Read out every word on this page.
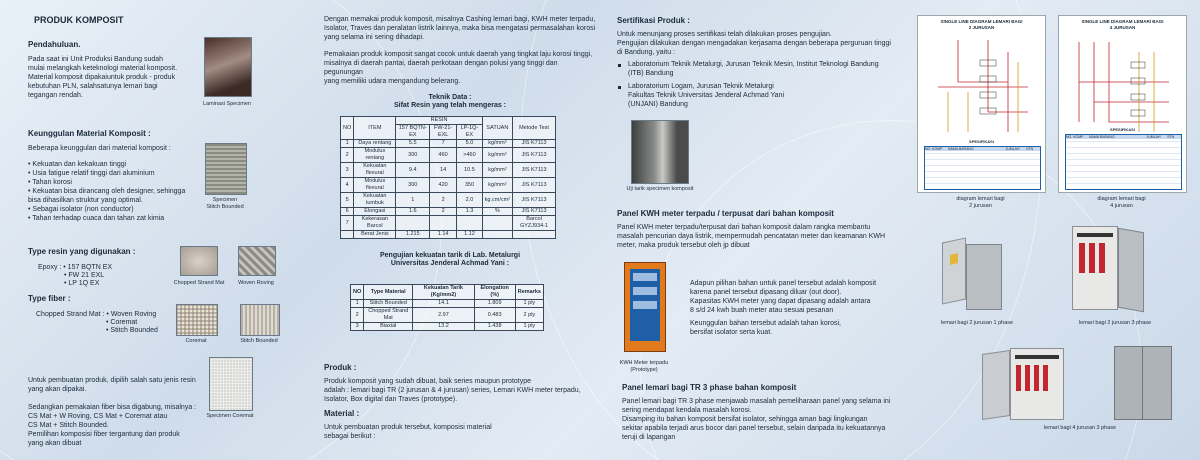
PRODUK KOMPOSIT
Pendahuluan.
Pada saat ini Unit Produksi Bandung sudah
mulai melangkah keteknologi material komposit.
Material komposit dipakaiuntuk produk - produk
kebutuhan PLN, salahsatunya lemari bagi
tegangan rendah.
Laminasi Specimen
Keunggulan Material Komposit :
Beberapa keunggulan dari material komposit :
• Kekuatan dan kekakuan tinggi
• Usia fatigue relatif tinggi dari aluminium
• Tahan korosi
• Kekuatan bisa dirancang oleh designer, sehingga
bisa dihasilkan struktur yang optimal.
• Sebagai isolator (non conductor)
• Tahan terhadap cuaca dan tahan zat kimia
Specimen
Stitch Bounded
Type resin yang digunakan :
Epoxy : • 157 BQTN EX
• FW 21 EXL
• LP 1Q EX	Chopped Strand Mat	Woven Roving
Type fiber :
Chopped Strand Mat : • Woven Roving
• Coremat
• Stitch Bounded
Coremat	Stitch Bounded
Specimen Coremat
Untuk pembuatan produk, dipilih salah satu jenis resin
yang akan dipakai.

Sedangkan pemakaian fiber bisa digabung, misalnya :
CS Mat + W Roving, CS Mat + Coremat atau
CS Mat + Stitch Bounded.
Pemilihan komposisi fiber tergantung dari produk
yang akan dibuat
Dengan memakai produk komposit, misalnya Cashing lemari bagi, KWH meter terpadu,
Isolator, Traves dan peralatan listrik lainnya, maka bisa mengatasi permasalahan korosi
yang selama ini sering dihadapi.
Pemakaian produk komposit sangat cocok untuk daerah yang tingkat laju korosi tinggi,
misalnya di daerah pantai, daerah perkotaan dengan polusi yang tinggi dan pegunungan
yang memiliki udara mengandung belerang.
Teknik Data :
Sifat Resin yang telah mengeras :
NO	ITEM	RESIN			SATUAN	Metode Test
		157 BQTN-EX	FW-21-EXL	LP-1Q-EX		
1	Daya rentang	5.5	7	5.0	kg/mm²	JIS K7113
2	Modulus rentang	300	460	>460	kg/mm²	JIS K7113
3	Kekuatan flexural	9.4	14	10.5	kg/mm²	JIS K7113
4	Modulus flexural	300	420	350	kg/mm²	JIS K7113
5	Kekuatan tumbuk	1	2	2.0	kg.cm/cm²	JIS K7113
6	Elongasi	1.6	2	1.3	%	JIS K7113
7	Kekerasan Barcol					Barcol GYZJ934-1
	Berat Jenis	1.215	1.14	1.12		
Pengujian kekuatan tarik di Lab. Metalurgi
Universitas Jenderal Achmad Yani :
NO	Type Material	Kekuatan Tarik (Kg/mm2)	Elongation (%)	Remarks
1	Stitch Bounded	14.1	1.809	1 ply
2	Chopped Strand Mat	2.97	0.483	2 ply
3	Biaxial	13.2	1.438	1 ply
Produk :
Produk komposit yang sudah dibuat, baik series maupun prototype
adalah : lemari bagi TR (2 jurusan & 4 jurusan) series, Lemari KWH meter terpadu,
Isolator, Box digital dan Traves (prototype).
Material :
Untuk pembuatan produk tersebut, komposisi material
sebagai berikut :
Sertifikasi Produk :
Untuk menunjang proses sertifikasi telah dilakukan proses pengujian.
Pengujian dilakukan dengan mengadakan kerjasama dengan beberapa perguruan tinggi
di Bandung, yaitu :
Laboratorium Teknik Metalurgi, Jurusan Teknik Mesin, Institut Teknologi Bandung
(ITB) Bandung
Laboratorium Logam, Jurusan Teknik Metalurgi
Fakultas Teknik Universitas Jenderal Achmad Yani
(UNJANI) Bandung
Uji tarik specimen komposit
Panel KWH meter terpadu / terpusat dari bahan komposit
Panel KWH meter terpadu/terpusat dari bahan komposit dalam rangka membantu
masalah pencurian daya listrik, mempermudah pencatatan meter dan keamanan KWH
meter, maka produk tersebut oleh jp dibuat
KWH Meter terpadu
(Prototype)
Adapun pilihan bahan untuk panel tersebut adalah komposit
karena panel tersebut dipasang diluar (out door).
Kapasitas KWH meter yang dapat dipasang adalah antara
8 s/d 24 kwh buah meter atau sesuai pesanan
Keunggulan bahan tersebut adalah tahan korosi,
bersifat isolator serta kuat.
Panel lemari bagi TR 3 phase bahan komposit
Panel lemari bagi TR 3 phase menjawab masalah pemeliharaan panel yang selama ini
sering mendapat kendala masalah korosi.
Disamping itu bahan komposit bersifat isolator, sehingga aman bagi lingkungan
sekitar apabila terjadi arus bocor dari panel tersebut, selain daripada itu kekuatannya
teruji di lapangan
SINGLE LINE DIAGRAM LEMARI BAGI
2 JURUSAN
SPESIFIKASI
NO. KOMP	NAMA BARANG	JUMLAH	STN
diagram lemari bagi
2 jurusan
SINGLE LINE DIAGRAM LEMARI BAGI
4 JURUSAN
SPESIFIKASI
NO. KOMP	NAMA BARANG	JUMLAH	STN
diagram lemari bagi
4 jurusan
lemari bagi 2 jurusan 1 phase	lemari bagi 2 jurusan 3 phase
lemari bagi 4 jurusan 3 phase
